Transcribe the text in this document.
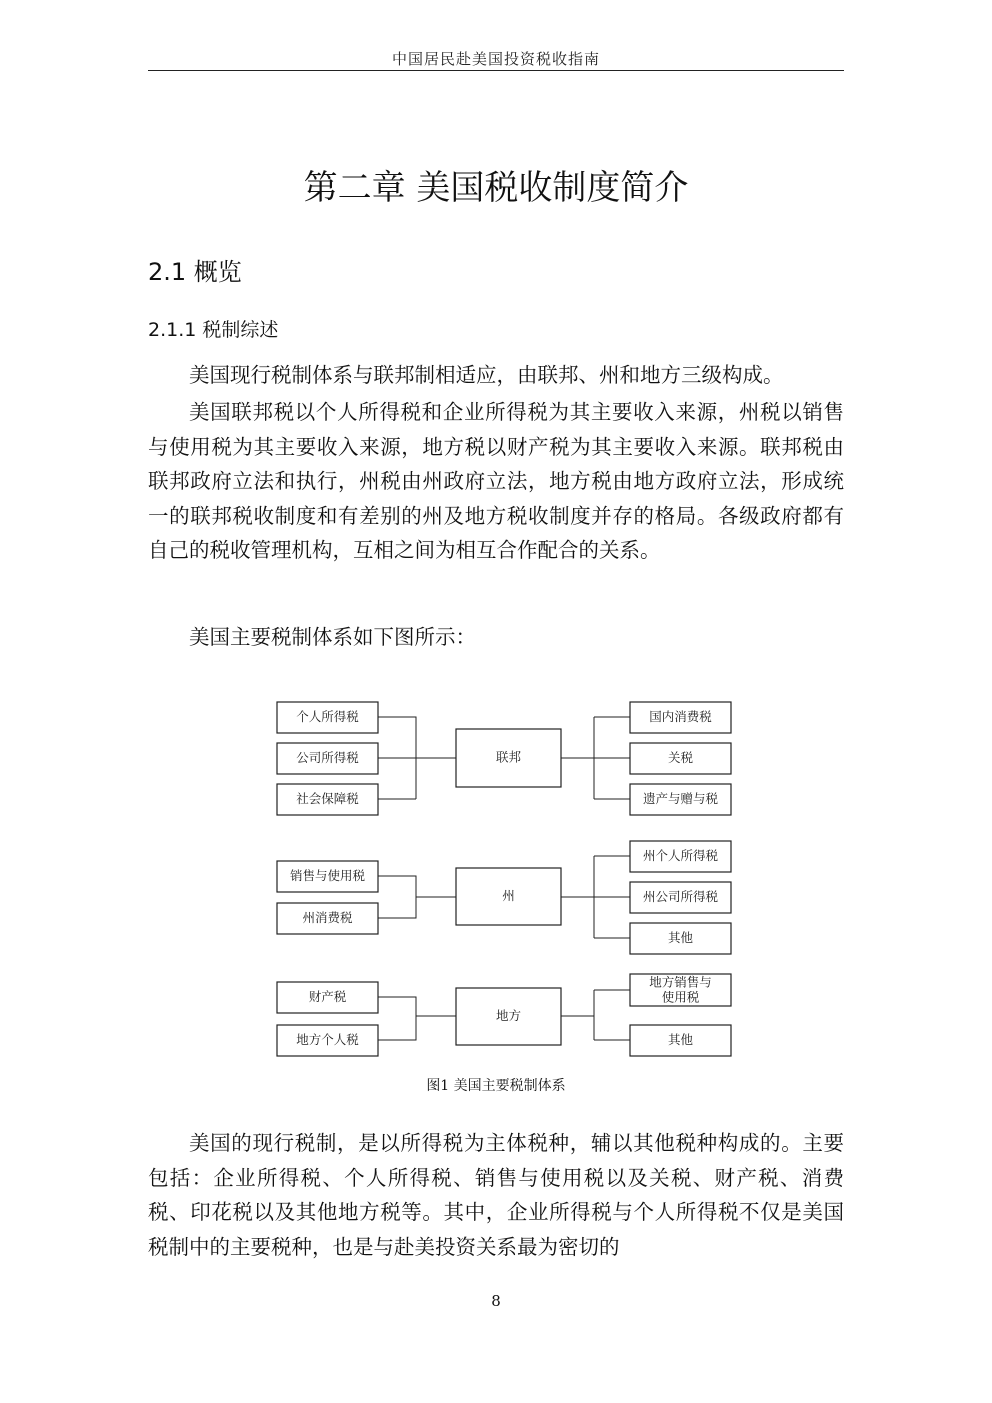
中国居民赴美国投资税收指南
第二章 美国税收制度简介
2.1 概览
2.1.1 税制综述

美国现行税制体系与联邦制相适应，由联邦、州和地方三级构成。

美国联邦税以个人所得税和企业所得税为其主要收入来源，州税以销售与使用税为其主要收入来源，地方税以财产税为其主要收入来源。联邦税由联邦政府立法和执行，州税由州政府立法，地方税由地方政府立法，形成统一的联邦税收制度和有差别的州及地方税收制度并存的格局。各级政府都有自己的税收管理机构，互相之间为相互合作配合的关系。

美国主要税制体系如下图所示：

联邦
个人所得税
公司所得税
社会保障税
国内消费税
关税
遗产与赠与税
州
销售与使用税
州消费税
州个人所得税
州公司所得税
其他
地方
财产税
地方个人税
地方销售与
使用税
其他
图1 美国主要税制体系

美国的现行税制，是以所得税为主体税种，辅以其他税种构成的。主要包括：企业所得税、个人所得税、销售与使用税以及关税、财产税、消费税、印花税以及其他地方税等。其中，企业所得税与个人所得税不仅是美国税制中的主要税种，也是与赴美投资关系最为密切的

8
